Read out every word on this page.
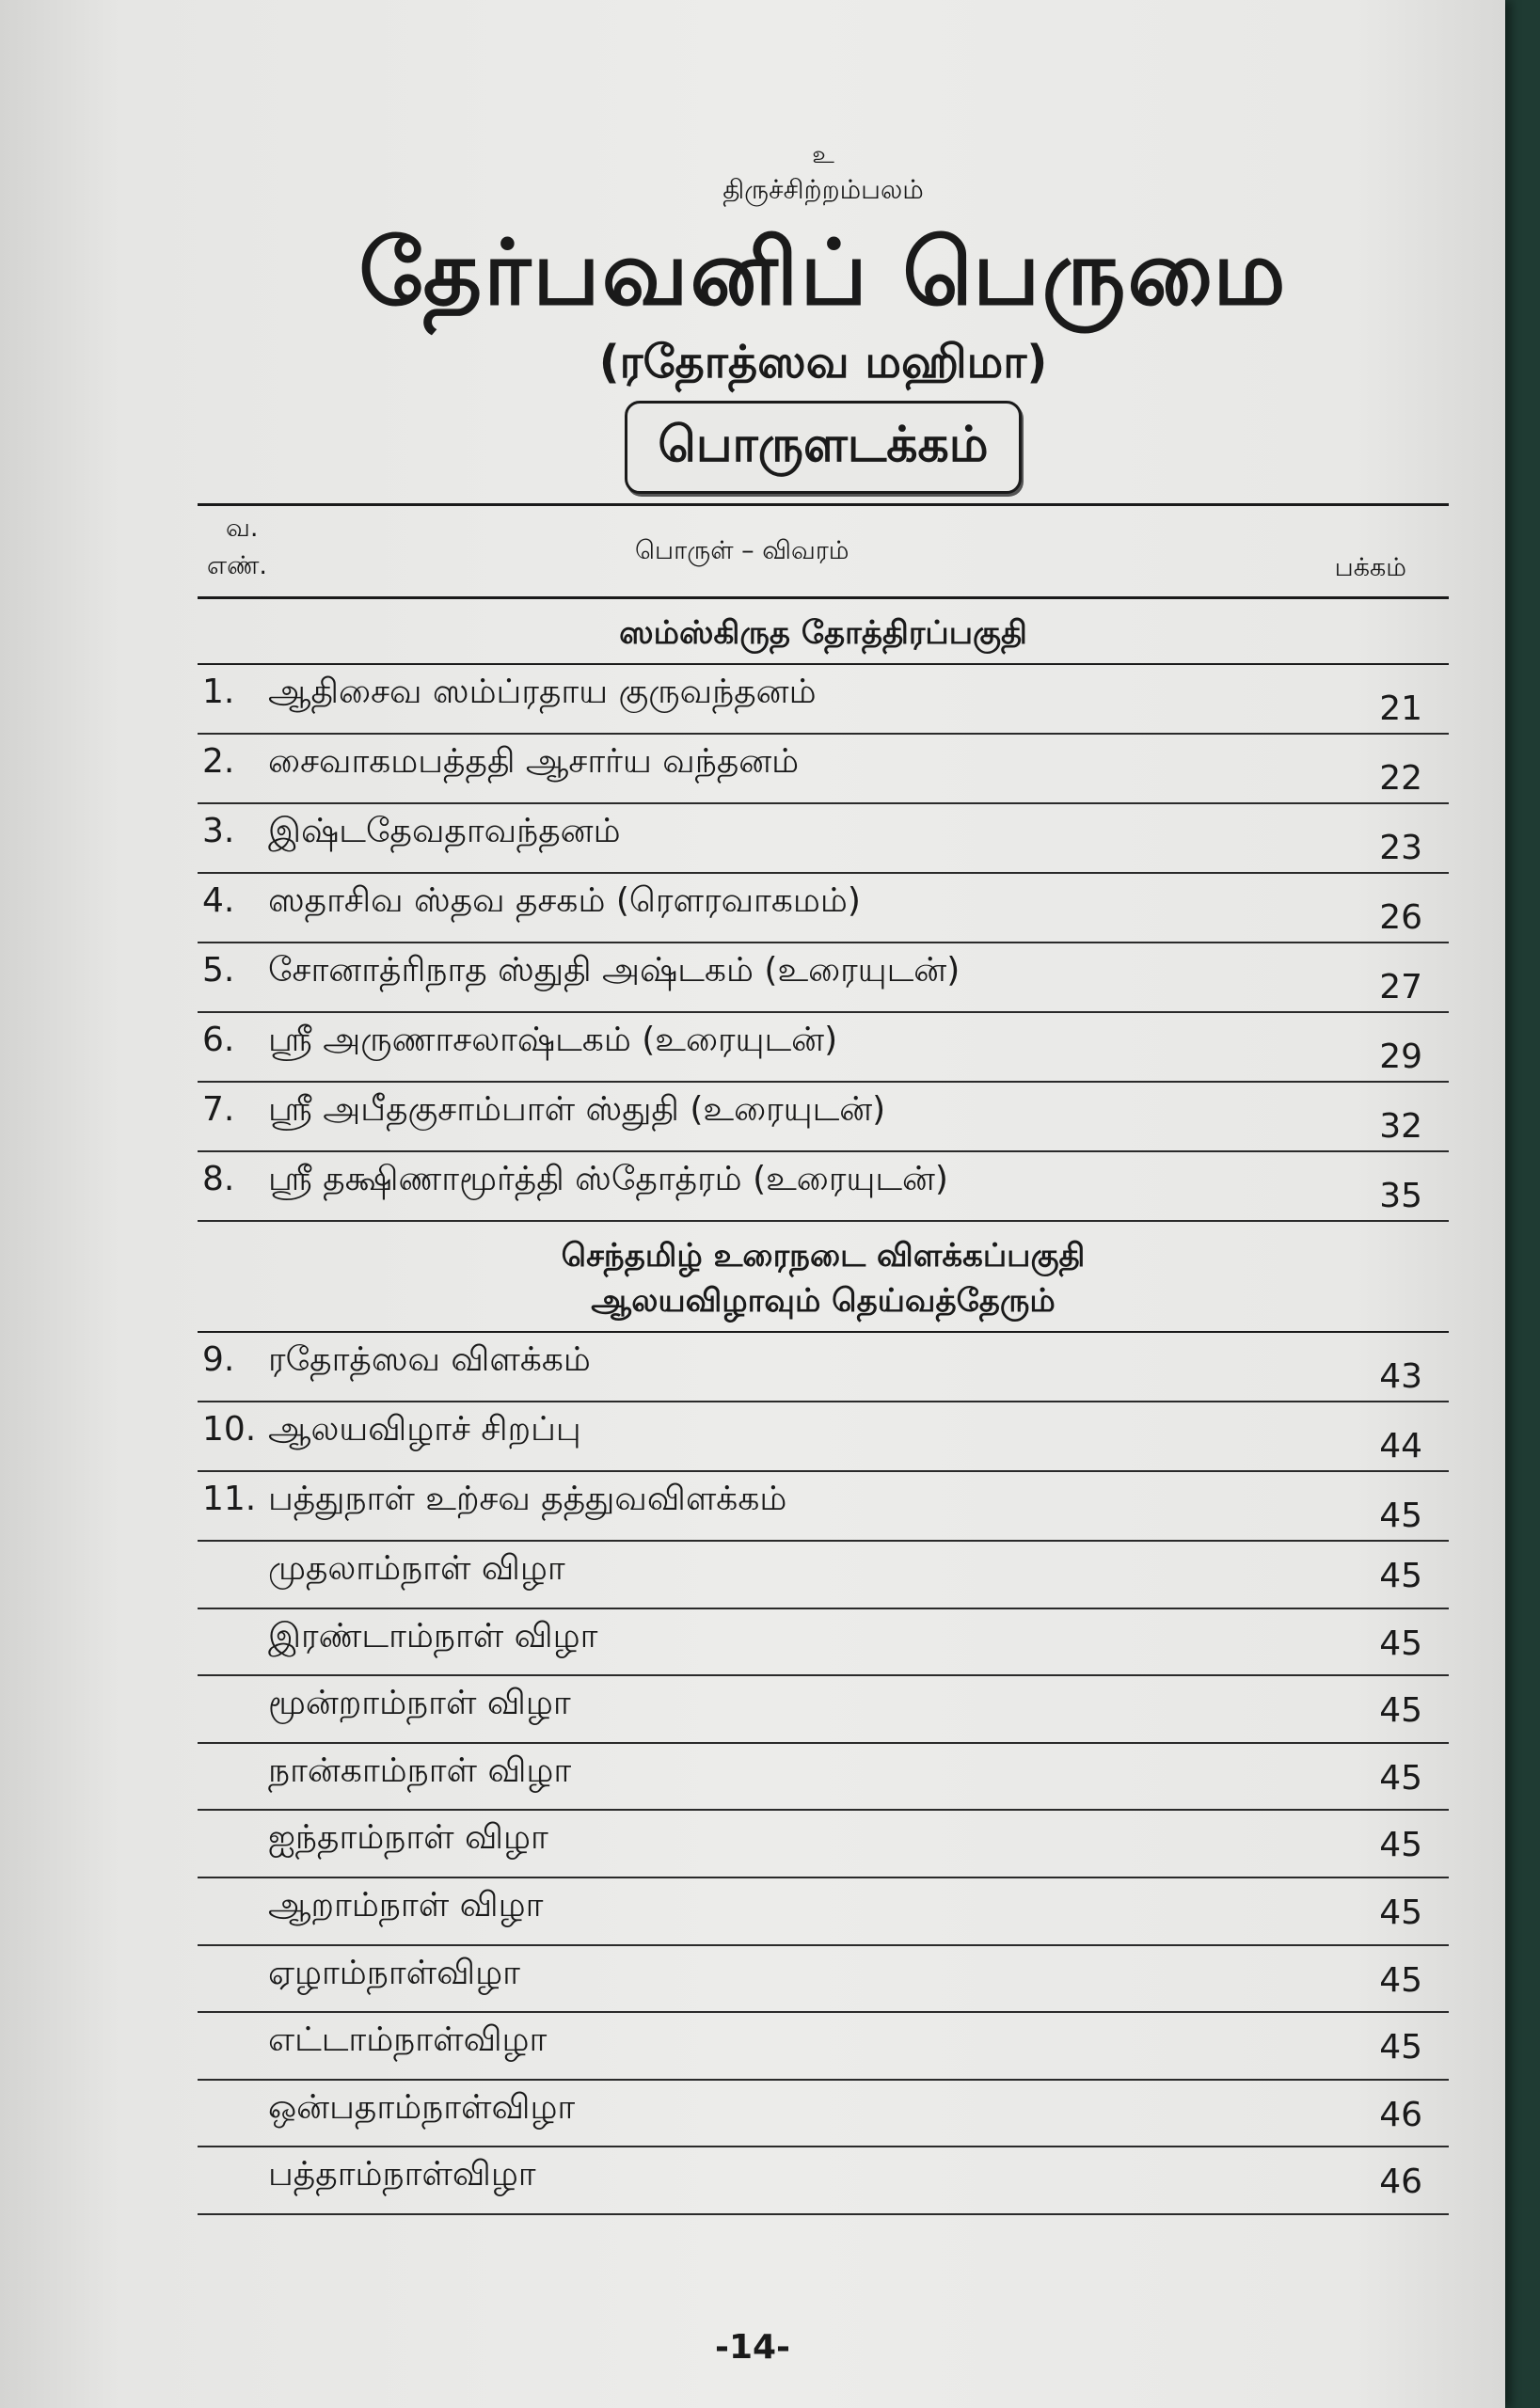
உ
திருச்சிற்றம்பலம்
தேர்பவனிப் பெருமை
(ரதோத்ஸவ மஹிமா)
பொருளடக்கம்
வ.
எண்.
பொருள் – விவரம்
பக்கம்
ஸம்ஸ்கிருத தோத்திரப்பகுதி
1. ஆதிசைவ ஸம்ப்ரதாய குருவந்தனம்	21
2. சைவாகமபத்ததி ஆசார்ய வந்தனம்	22
3. இஷ்டதேவதாவந்தனம்	23
4. ஸதாசிவ ஸ்தவ தசகம் (ரௌரவாகமம்)	26
5. சோனாத்ரிநாத ஸ்துதி அஷ்டகம் (உரையுடன்)	27
6. ஸ்ரீ அருணாசலாஷ்டகம் (உரையுடன்)	29
7. ஸ்ரீ அபீதகுசாம்பாள் ஸ்துதி (உரையுடன்)	32
8. ஸ்ரீ தக்ஷிணாமூர்த்தி ஸ்தோத்ரம் (உரையுடன்)	35
செந்தமிழ் உரைநடை விளக்கப்பகுதி
ஆலயவிழாவும் தெய்வத்தேரும்
9. ரதோத்ஸவ விளக்கம்	43
10. ஆலயவிழாச் சிறப்பு	44
11. பத்துநாள் உற்சவ தத்துவவிளக்கம்	45
முதலாம்நாள் விழா	45
இரண்டாம்நாள் விழா	45
மூன்றாம்நாள் விழா	45
நான்காம்நாள் விழா	45
ஐந்தாம்நாள் விழா	45
ஆறாம்நாள் விழா	45
ஏழாம்நாள்விழா	45
எட்டாம்நாள்விழா	45
ஒன்பதாம்நாள்விழா	46
பத்தாம்நாள்விழா	46
-14-
